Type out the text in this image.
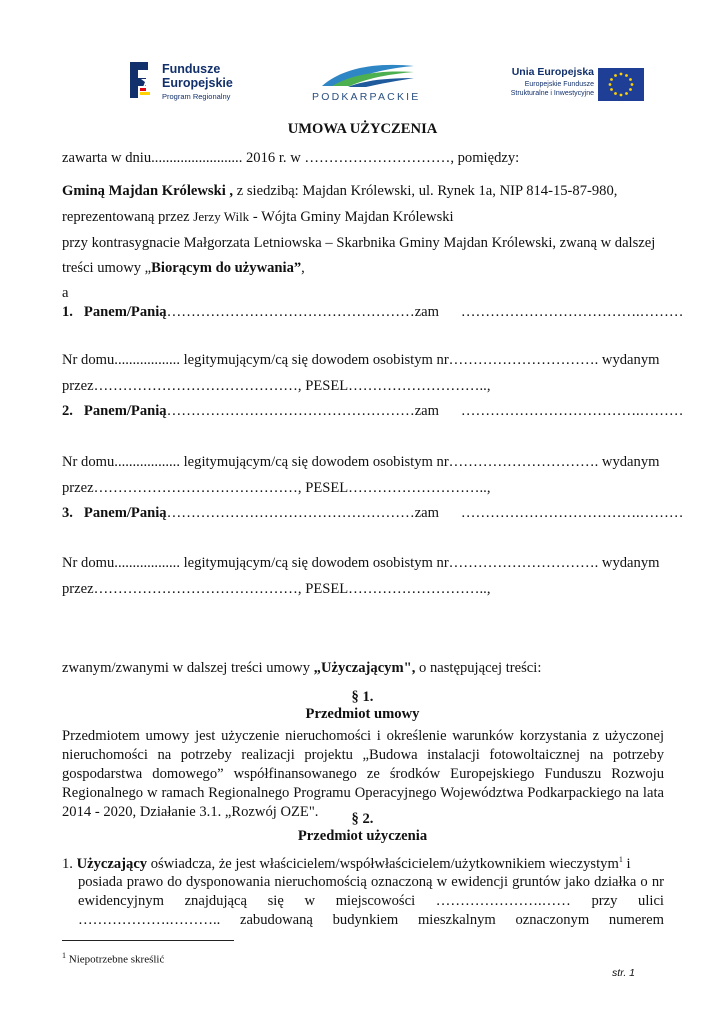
Fundusze
Europejskie
Program Regionalny	PODKARPACKIE
Unia Europejska
Europejskie Fundusze
Strukturalne i Inwestycyjne
UMOWA UŻYCZENIA
zawarta w dniu......................... 2016 r. w …………………………, pomiędzy:
Gminą Majdan Królewski , z siedzibą: Majdan Królewski, ul. Rynek 1a, NIP 814-15-87-980,
reprezentowaną przez Jerzy Wilk - Wójta Gminy Majdan Królewski
przy kontrasygnacie Małgorzata Letniowska – Skarbnika Gminy Majdan Królewski, zwaną w dalszej
treści umowy „Biorącym do używania”,
a
1. Panem/Panią……………………………………………zam ……………………………….………
Nr domu.................. legitymującym/cą się dowodem osobistym nr…………………………. wydanym
przez……………………………………, PESEL………………………..,
2. Panem/Panią……………………………………………zam ……………………………….………
Nr domu.................. legitymującym/cą się dowodem osobistym nr…………………………. wydanym
przez……………………………………, PESEL………………………..,
3. Panem/Panią……………………………………………zam ……………………………….………
Nr domu.................. legitymującym/cą się dowodem osobistym nr…………………………. wydanym
przez……………………………………, PESEL………………………..,
zwanym/zwanymi w dalszej treści umowy „Użyczającym", o następującej treści:
§ 1.
Przedmiot umowy
Przedmiotem umowy jest użyczenie nieruchomości i określenie warunków korzystania z użyczonej
nieruchomości na potrzeby realizacji projektu „Budowa instalacji fotowoltaicznej na potrzeby
gospodarstwa domowego” współfinansowanego ze środków Europejskiego Funduszu Rozwoju
Regionalnego w ramach Regionalnego Programu Operacyjnego Województwa Podkarpackiego na lata
2014 - 2020, Działanie 3.1. „Rozwój OZE".	§ 2.
Przedmiot użyczenia
1. Użyczający oświadcza, że jest właścicielem/współwłaścicielem/użytkownikiem wieczystym$^1$ i
posiada prawo do dysponowania nieruchomością oznaczoną w ewidencji gruntów jako działka o nr
ewidencyjnym znajdującą się w miejscowości ………………….…… przy ulici
……………….……….. zabudowaną budynkiem mieszkalnym oznaczonym numerem
$^1$ Niepotrzebne skreślić
str. 1
